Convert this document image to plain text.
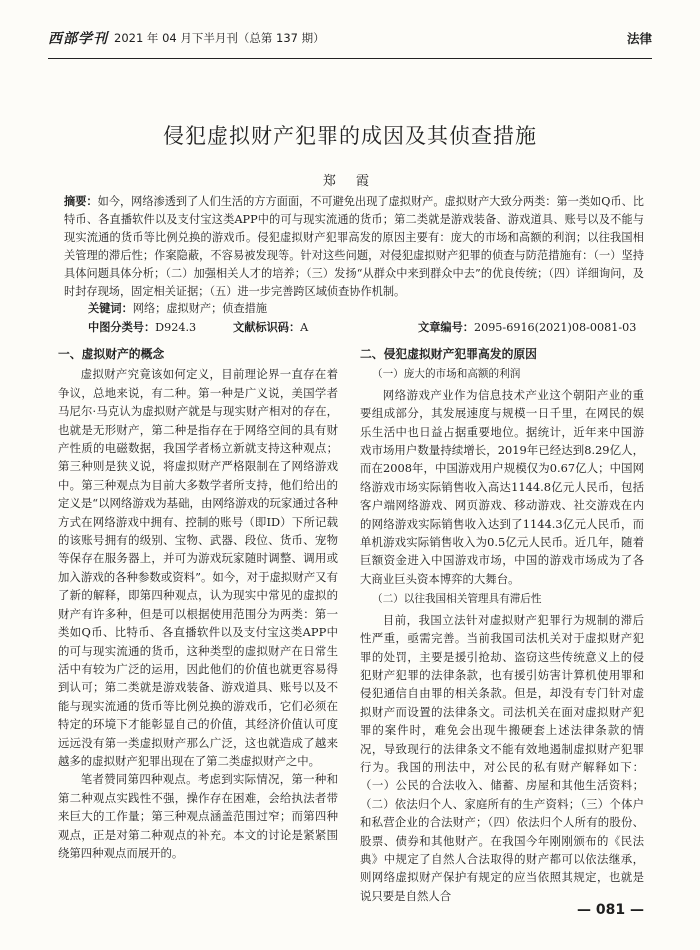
西部学刊 2021 年 04 月下半月刊（总第 137 期）	法律
侵犯虚拟财产犯罪的成因及其侦查措施
郑 霞
摘要：如今，网络渗透到了人们生活的方方面面，不可避免出现了虚拟财产。虚拟财产大致分两类：第一类如Q币、比特币、各直播软件以及支付宝这类APP中的可与现实流通的货币；第二类就是游戏装备、游戏道具、账号以及不能与现实流通的货币等比例兑换的游戏币。侵犯虚拟财产犯罪高发的原因主要有：庞大的市场和高额的利润；以往我国相关管理的滞后性；作案隐蔽，不容易被发现等。针对这些问题，对侵犯虚拟财产犯罪的侦查与防范措施有：（一）坚持具体问题具体分析；（二）加强相关人才的培养；（三）发扬“从群众中来到群众中去”的优良传统；（四）详细询问，及时封存现场，固定相关证据；（五）进一步完善跨区域侦查协作机制。
关键词：网络；虚拟财产；侦查措施
中图分类号：D924.3	文献标识码：A	文章编号：2095-6916(2021)08-0081-03
一、虚拟财产的概念

虚拟财产究竟该如何定义，目前理论界一直存在着争议，总地来说，有二种。第一种是广义说，美国学者马尼尔·马克认为虚拟财产就是与现实财产相对的存在，也就是无形财产，第二种是指存在于网络空间的具有财产性质的电磁数据，我国学者杨立新就支持这种观点；第三种则是狭义说，将虚拟财产严格限制在了网络游戏中。第三种观点为目前大多数学者所支持，他们给出的定义是“以网络游戏为基础，由网络游戏的玩家通过各种方式在网络游戏中拥有、控制的账号（即ID）下所记载的该账号拥有的级别、宝物、武器、段位、货币、宠物等保存在服务器上，并可为游戏玩家随时调整、调用或加入游戏的各种参数或资料”。如今，对于虚拟财产又有了新的解释，即第四种观点，认为现实中常见的虚拟的财产有许多种，但是可以根据使用范围分为两类：第一类如Q币、比特币、各直播软件以及支付宝这类APP中的可与现实流通的货币，这种类型的虚拟财产在日常生活中有较为广泛的运用，因此他们的价值也就更容易得到认可；第二类就是游戏装备、游戏道具、账号以及不能与现实流通的货币等比例兑换的游戏币，它们必须在特定的环境下才能彰显自己的价值，其经济价值认可度远远没有第一类虚拟财产那么广泛，这也就造成了越来越多的虚拟财产犯罪出现在了第二类虚拟财产之中。

笔者赞同第四种观点。考虑到实际情况，第一种和第二种观点实践性不强，操作存在困难，会给执法者带来巨大的工作量；第三种观点涵盖范围过窄；而第四种观点，正是对第二种观点的补充。本文的讨论是紧紧围绕第四种观点而展开的。

二、侵犯虚拟财产犯罪高发的原因
（一）庞大的市场和高额的利润

网络游戏产业作为信息技术产业这个朝阳产业的重要组成部分，其发展速度与规模一日千里，在网民的娱乐生活中也日益占据重要地位。据统计，近年来中国游戏市场用户数量持续增长，2019年已经达到8.29亿人，而在2008年，中国游戏用户规模仅为0.67亿人；中国网络游戏市场实际销售收入高达1144.8亿元人民币，包括客户端网络游戏、网页游戏、移动游戏、社交游戏在内的网络游戏实际销售收入达到了1144.3亿元人民币，而单机游戏实际销售收入为0.5亿元人民币。近几年，随着巨额资金进入中国游戏市场，中国的游戏市场成为了各大商业巨头资本博弈的大舞台。

（二）以往我国相关管理具有滞后性

目前，我国立法针对虚拟财产犯罪行为规制的滞后性严重，亟需完善。当前我国司法机关对于虚拟财产犯罪的处罚，主要是援引抢劫、盗窃这些传统意义上的侵犯财产犯罪的法律条款，也有援引妨害计算机使用罪和侵犯通信自由罪的相关条款。但是，却没有专门针对虚拟财产而设置的法律条文。司法机关在面对虚拟财产犯罪的案件时，难免会出现牛搬硬套上述法律条款的情况，导致现行的法律条文不能有效地遏制虚拟财产犯罪行为。我国的刑法中，对公民的私有财产解释如下：（一）公民的合法收入、储蓄、房屋和其他生活资料；（二）依法归个人、家庭所有的生产资料；（三）个体户和私营企业的合法财产；（四）依法归个人所有的股份、股票、债券和其他财产。在我国今年刚刚颁布的《民法典》中规定了自然人合法取得的财产都可以依法继承，则网络虚拟财产保护有规定的应当依照其规定，也就是说只要是自然人合

— 081 —
